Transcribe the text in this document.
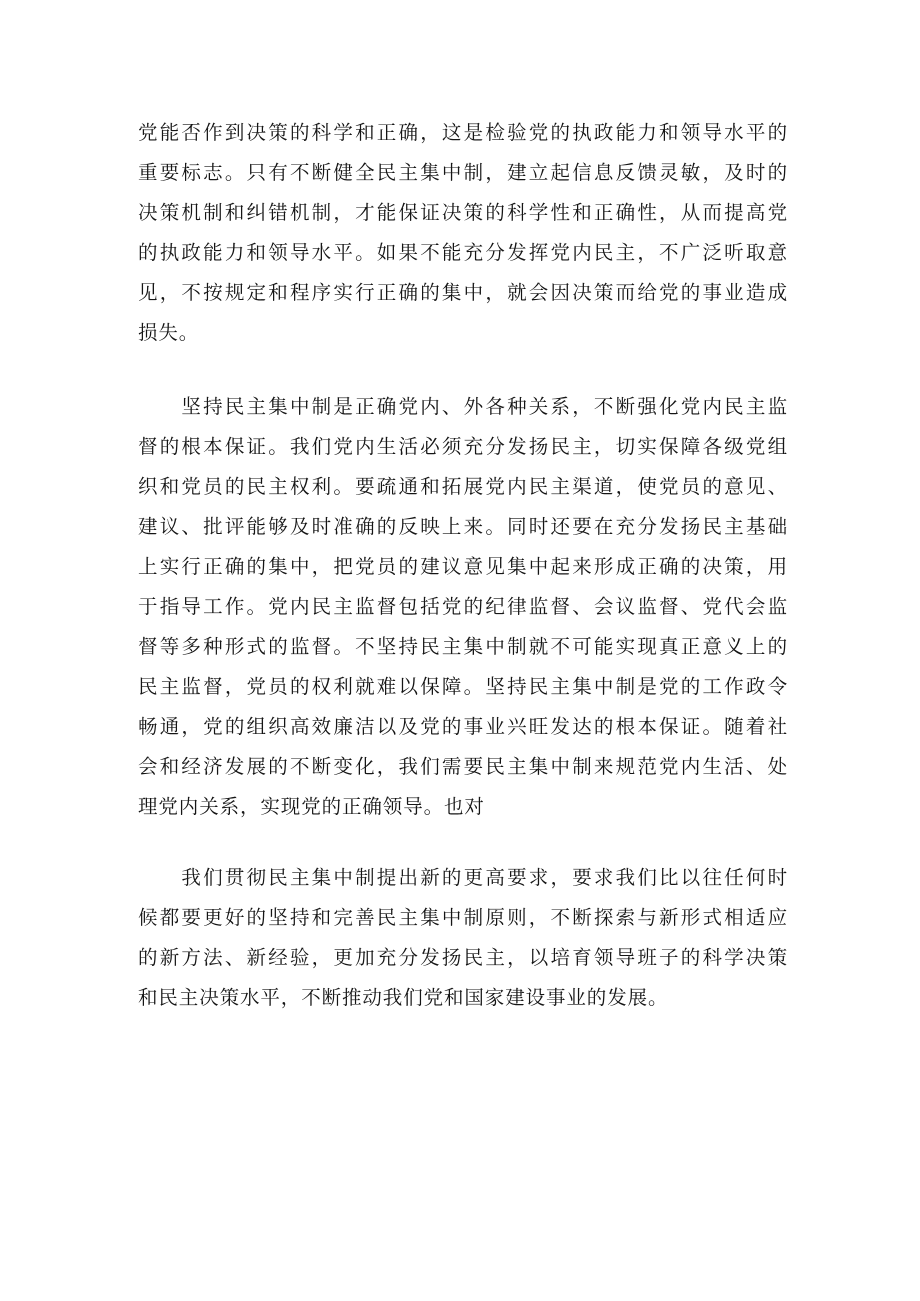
党能否作到决策的科学和正确，这是检验党的执政能力和领导水平的
重要标志。只有不断健全民主集中制，建立起信息反馈灵敏，及时的
决策机制和纠错机制，才能保证决策的科学性和正确性，从而提高党
的执政能力和领导水平。如果不能充分发挥党内民主，不广泛听取意
见，不按规定和程序实行正确的集中，就会因决策而给党的事业造成
损失。
　　坚持民主集中制是正确党内、外各种关系，不断强化党内民主监
督的根本保证。我们党内生活必须充分发扬民主，切实保障各级党组
织和党员的民主权利。要疏通和拓展党内民主渠道，使党员的意见、
建议、批评能够及时准确的反映上来。同时还要在充分发扬民主基础
上实行正确的集中，把党员的建议意见集中起来形成正确的决策，用
于指导工作。党内民主监督包括党的纪律监督、会议监督、党代会监
督等多种形式的监督。不坚持民主集中制就不可能实现真正意义上的
民主监督，党员的权利就难以保障。坚持民主集中制是党的工作政令
畅通，党的组织高效廉洁以及党的事业兴旺发达的根本保证。随着社
会和经济发展的不断变化，我们需要民主集中制来规范党内生活、处
理党内关系，实现党的正确领导。也对
　　我们贯彻民主集中制提出新的更高要求，要求我们比以往任何时
候都要更好的坚持和完善民主集中制原则，不断探索与新形式相适应
的新方法、新经验，更加充分发扬民主，以培育领导班子的科学决策
和民主决策水平，不断推动我们党和国家建设事业的发展。
